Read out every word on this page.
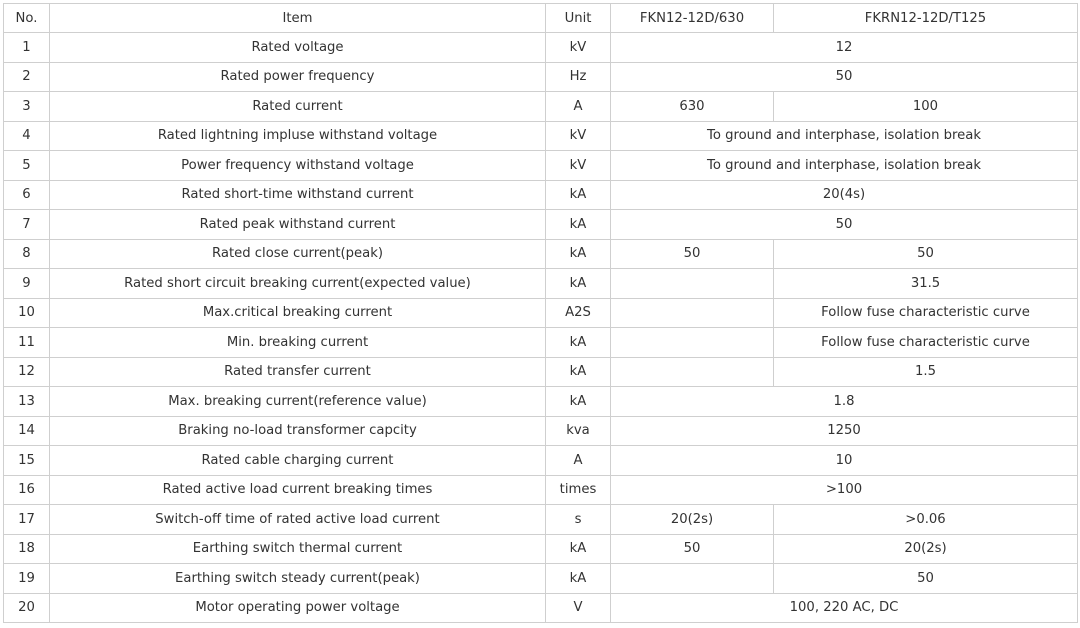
No.	Item	Unit	FKN12-12D/630	FKRN12-12D/T125
1	Rated voltage	kV	12	
2	Rated power frequency	Hz	50	
3	Rated current	A	630	100
4	Rated lightning impluse withstand voltage	kV	To ground and interphase, isolation break	
5	Power frequency withstand voltage	kV	To ground and interphase, isolation break	
6	Rated short-time withstand current	kA	20(4s)	
7	Rated peak withstand current	kA	50	
8	Rated close current(peak)	kA	50	50
9	Rated short circuit breaking current(expected value)	kA		31.5
10	Max.critical breaking current	A2S		Follow fuse characteristic curve
11	Min. breaking current	kA		Follow fuse characteristic curve
12	Rated transfer current	kA		1.5
13	Max. breaking current(reference value)	kA	1.8	
14	Braking no-load transformer capcity	kva	1250	
15	Rated cable charging current	A	10	
16	Rated active load current breaking times	times	>100	
17	Switch-off time of rated active load current	s	20(2s)	>0.06
18	Earthing switch thermal current	kA	50	20(2s)
19	Earthing switch steady current(peak)	kA		50
20	Motor operating power voltage	V	100, 220 AC, DC	
